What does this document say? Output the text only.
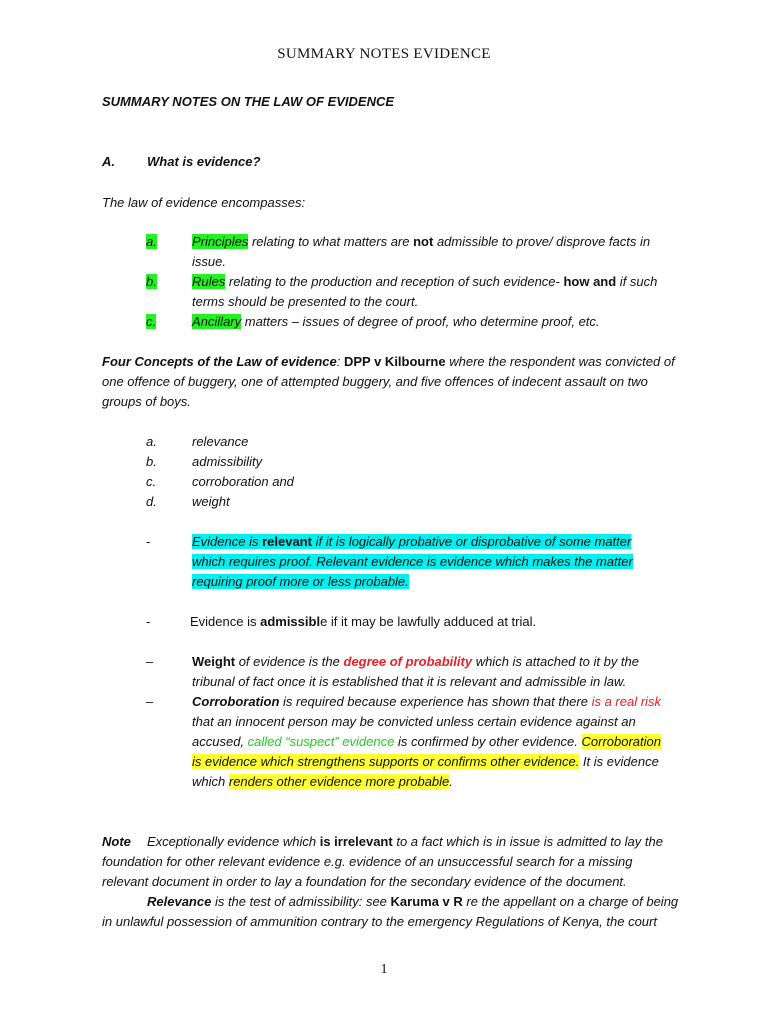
SUMMARY NOTES EVIDENCE
SUMMARY NOTES ON THE LAW OF EVIDENCE
A. What is evidence?
The law of evidence encompasses:
a.	Principles relating to what matters are not admissible to prove/ disprove facts in
issue.
b.	Rules relating to the production and reception of such evidence- how and if such
terms should be presented to the court.
c.	Ancillary matters – issues of degree of proof, who determine proof, etc.
Four Concepts of the Law of evidence: DPP v Kilbourne where the respondent was convicted of
one offence of buggery, one of attempted buggery, and five offences of indecent assault on two
groups of boys.
a.	relevance
b.	admissibility
c.	corroboration and
d.	weight
-	Evidence is relevant if it is logically probative or disprobative of some matter
which requires proof. Relevant evidence is evidence which makes the matter
requiring proof more or less probable.
-	Evidence is admissible if it may be lawfully adduced at trial.
–	Weight of evidence is the degree of probability which is attached to it by the
tribunal of fact once it is established that it is relevant and admissible in law.
–	Corroboration is required because experience has shown that there is a real risk
that an innocent person may be convicted unless certain evidence against an
accused, called “suspect” evidence is confirmed by other evidence. Corroboration
is evidence which strengthens supports or confirms other evidence. It is evidence
which renders other evidence more probable.
Note Exceptionally evidence which is irrelevant to a fact which is in issue is admitted to lay the
foundation for other relevant evidence e.g. evidence of an unsuccessful search for a missing
relevant document in order to lay a foundation for the secondary evidence of the document.
Relevance is the test of admissibility: see Karuma v R re the appellant on a charge of being
in unlawful possession of ammunition contrary to the emergency Regulations of Kenya, the court
1
